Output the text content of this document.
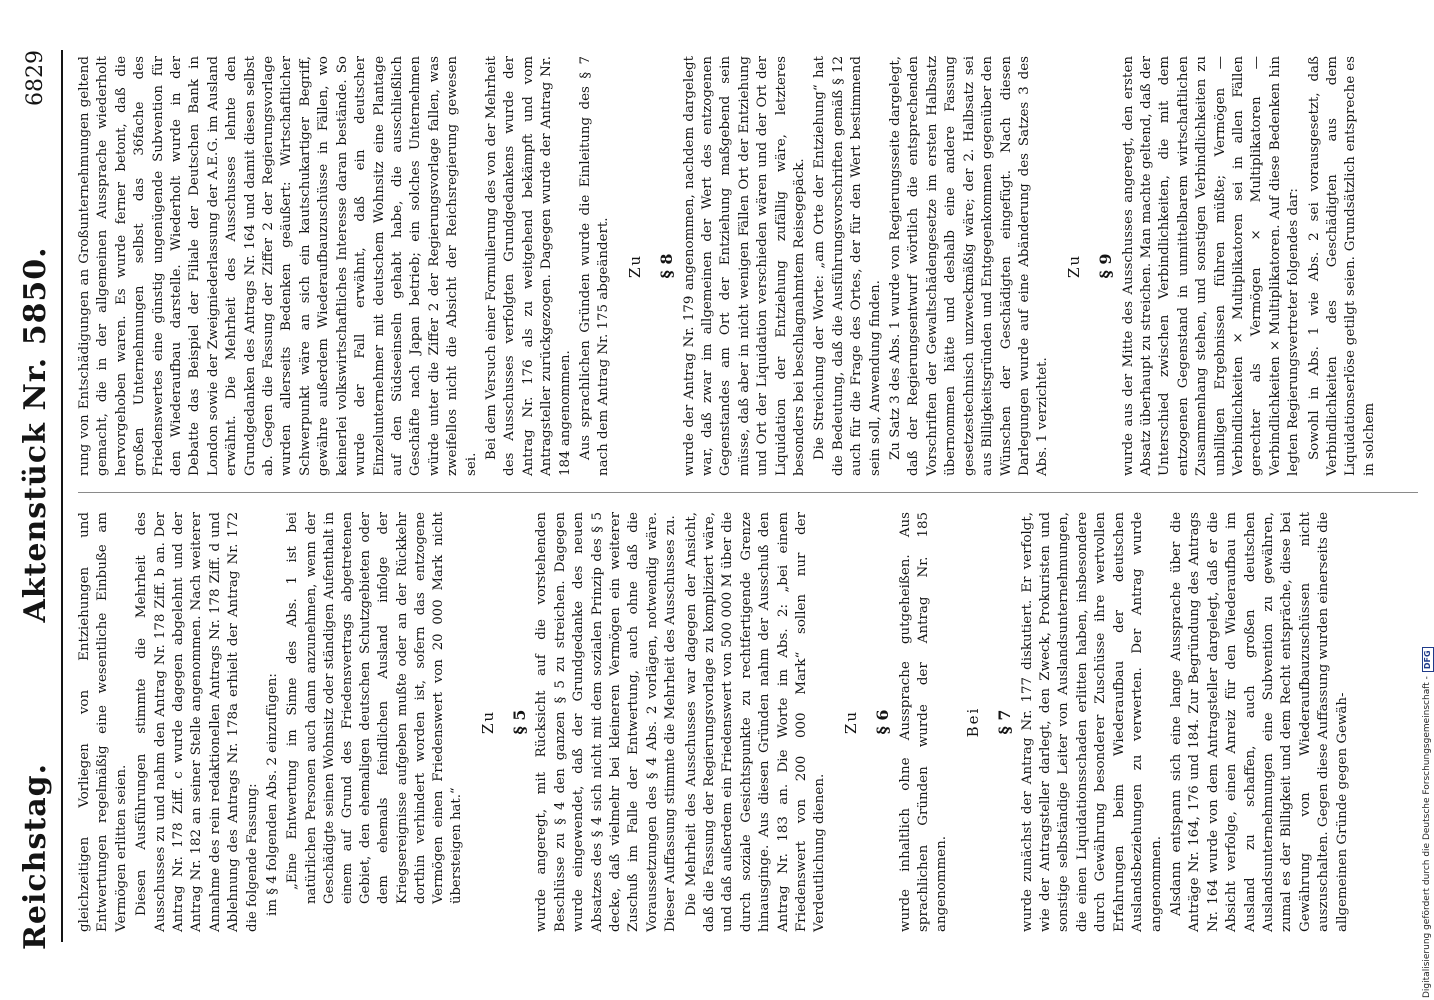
Reichstag.
Aktenstück Nr. 5850.
6829

gleichzeitigen Vorliegen von Entziehungen und Entwertungen regelmäßig eine wesentliche Einbuße am Vermögen erlitten seien. Diesen Ausführungen stimmte die Mehrheit des Ausschusses zu und nahm den Antrag Nr. 178 Ziff. b an. Der Antrag Nr. 178 Ziff. c wurde dagegen abgelehnt und der Antrag Nr. 182 an seiner Stelle angenommen. Nach weiterer Annahme des rein redaktionellen Antrags Nr. 178 Ziff. d und Ablehnung des Antrags Nr. 178a erhielt der Antrag Nr. 172 die folgende Fassung: im § 4 folgenden Abs. 2 einzufügen: „Eine Entwertung im Sinne des Abs. 1 ist bei natürlichen Personen auch dann anzunehmen, wenn der Geschädigte seinen Wohnsitz oder ständigen Aufenthalt in einem auf Grund des Friedensvertrags abgetretenen Gebiet, den ehemaligen deutschen Schutzgebieten oder dem ehemals feindlichen Ausland infolge der Kriegsereignisse aufgeben mußte oder an der Rückkehr dorthin verhindert worden ist, sofern das entzogene Vermögen einen Friedenswert von 20 000 Mark nicht übersteigen hat.“

Zu § 5 wurde angeregt, mit Rücksicht auf die vorstehenden Beschlüsse zu § 4 den ganzen § 5 zu streichen. Dagegen wurde eingewendet, daß der Grundgedanke des neuen Absatzes des § 4 sich nicht mit dem sozialen Prinzip des § 5 decke, daß vielmehr bei kleineren Vermögen ein weiterer Zuschuß im Falle der Entwertung, auch ohne daß die Voraussetzungen des § 4 Abs. 2 vorlägen, notwendig wäre. Dieser Auffassung stimmte die Mehrheit des Ausschusses zu. Die Mehrheit des Ausschusses war dagegen der Ansicht, daß die Fassung der Regierungsvorlage zu kompliziert wäre, und daß außerdem ein Friedenswert von 500 000 M über die durch soziale Gesichtspunkte zu rechtfertigende Grenze hinausginge. Aus diesen Gründen nahm der Ausschuß den Antrag Nr. 183 an. Die Worte im Abs. 2: „bei einem Friedenswert von 200 000 Mark“ sollen nur der Verdeutlichung dienen.

Zu § 6 wurde inhaltlich ohne Aussprache gutgeheißen. Aus sprachlichen Gründen wurde der Antrag Nr. 185 angenommen.

Bei § 7 wurde zunächst der Antrag Nr. 177 diskutiert. Er verfolgt, wie der Antragsteller darlegt, den Zweck, Prokuristen und sonstige selbständige Leiter von Auslandsunternehmungen, die einen Liquidationsschaden erlitten haben, insbesondere durch Gewährung besonderer Zuschüsse ihre wertvollen Erfahrungen beim Wiederaufbau der deutschen Auslandsbeziehungen zu verwerten. Der Antrag wurde angenommen. Alsdann entspann sich eine lange Aussprache über die Anträge Nr. 164, 176 und 184. Zur Begründung des Antrags Nr. 164 wurde von dem Antragsteller dargelegt, daß er die Absicht verfolge, einen Anreiz für den Wiederaufbau im Ausland zu schaffen, auch großen deutschen Auslandsunternehmungen eine Subvention zu gewähren, zumal es der Billigkeit und dem Recht entspräche, diese bei Gewährung von Wiederaufbauzuschüssen nicht auszuschalten. Gegen diese Auffassung wurden einerseits die allgemeinen Gründe gegen Gewäh-

rung von Entschädigungen an Großunternehmungen geltend gemacht, die in der allgemeinen Aussprache wiederholt hervorgehoben waren. Es wurde ferner betont, daß die großen Unternehmungen selbst das 36fache des Friedenswertes eine günstig ungenügende Subvention für den Wiederaufbau darstelle. Wiederholt wurde in der Debatte das Beispiel der Filiale der Deutschen Bank in London sowie der Zweigniederlassung der A.E.G. im Ausland erwähnt. Die Mehrheit des Ausschusses lehnte den Grundgedanken des Antrags Nr. 164 und damit diesen selbst ab. Gegen die Fassung der Ziffer 2 der Regierungsvorlage wurden allerseits Bedenken geäußert: Wirtschaftlicher Schwerpunkt wäre an sich ein kautschukartiger Begriff, gewähre außerdem Wiederaufbauzuschüsse in Fällen, wo keinerlei volkswirtschaftliches Interesse daran bestände. So wurde der Fall erwähnt, daß ein deutscher Einzelunternehmer mit deutschem Wohnsitz eine Plantage auf den Südseeinseln gehabt habe, die ausschließlich Geschäfte nach Japan betrieb; ein solches Unternehmen würde unter die Ziffer 2 der Regierungsvorlage fallen, was zweifellos nicht die Absicht der Reichsregierung gewesen sei.

Bei dem Versuch einer Formulierung des von der Mehrheit des Ausschusses verfolgten Grundgedankens wurde der Antrag Nr. 176 als zu weitgehend bekämpft und vom Antragsteller zurückgezogen. Dagegen wurde der Antrag Nr. 184 angenommen. Aus sprachlichen Gründen wurde die Einleitung des § 7 nach dem Antrag Nr. 175 abgeändert. Zu § 8 wurde der Antrag Nr. 179 angenommen, nachdem dargelegt war, daß zwar im allgemeinen der Wert des entzogenen Gegenstandes am Ort der Entziehung maßgebend sein müsse, daß aber in nicht wenigen Fällen Ort der Entziehung und Ort der Liquidation verschieden wären und der Ort der Liquidation der Entziehung zufällig wäre, letzteres besonders bei beschlagnahmtem Reisegepäck. Die Streichung der Worte: „am Orte der Entziehung“ hat die Bedeutung, daß die Ausführungsvorschriften gemäß § 12 auch für die Frage des Ortes, der für den Wert bestimmend sein soll, Anwendung finden. Zu Satz 3 des Abs. 1 wurde von Regierungsseite dargelegt, daß der Regierungsentwurf wörtlich die entsprechenden Vorschriften der Gewaltschädengesetze im ersten Halbsatz übernommen hätte und deshalb eine andere Fassung gesetzestechnisch unzweckmäßig wäre; der 2. Halbsatz sei aus Billigkeitsgründen und Entgegenkommen gegenüber den Wünschen der Geschädigten eingefügt. Nach diesen Darlegungen wurde auf eine Abänderung des Satzes 3 des Abs. 1 verzichtet.

Zu § 9 wurde aus der Mitte des Ausschusses angeregt, den ersten Absatz überhaupt zu streichen. Man machte geltend, daß der Unterschied zwischen Verbindlichkeiten, die mit dem entzogenen Gegenstand in unmittelbarem wirtschaftlichen Zusammenhang stehen, und sonstigen Verbindlichkeiten zu unbilligen Ergebnissen führen müßte; Vermögen — Verbindlichkeiten × Multiplikatoren sei in allen Fällen gerechter als Vermögen × Multiplikatoren — Verbindlichkeiten × Multiplikatoren. Auf diese Bedenken hin legten Regierungsvertreter folgendes dar: Sowohl in Abs. 1 wie Abs. 2 sei vorausgesetzt, daß Verbindlichkeiten des Geschädigten aus dem Liquidationserlöse getilgt seien. Grundsätzlich entspreche es in solchem

Digitalisierung gefördert durch die Deutsche Forschungsgemeinschaft -
DFG
